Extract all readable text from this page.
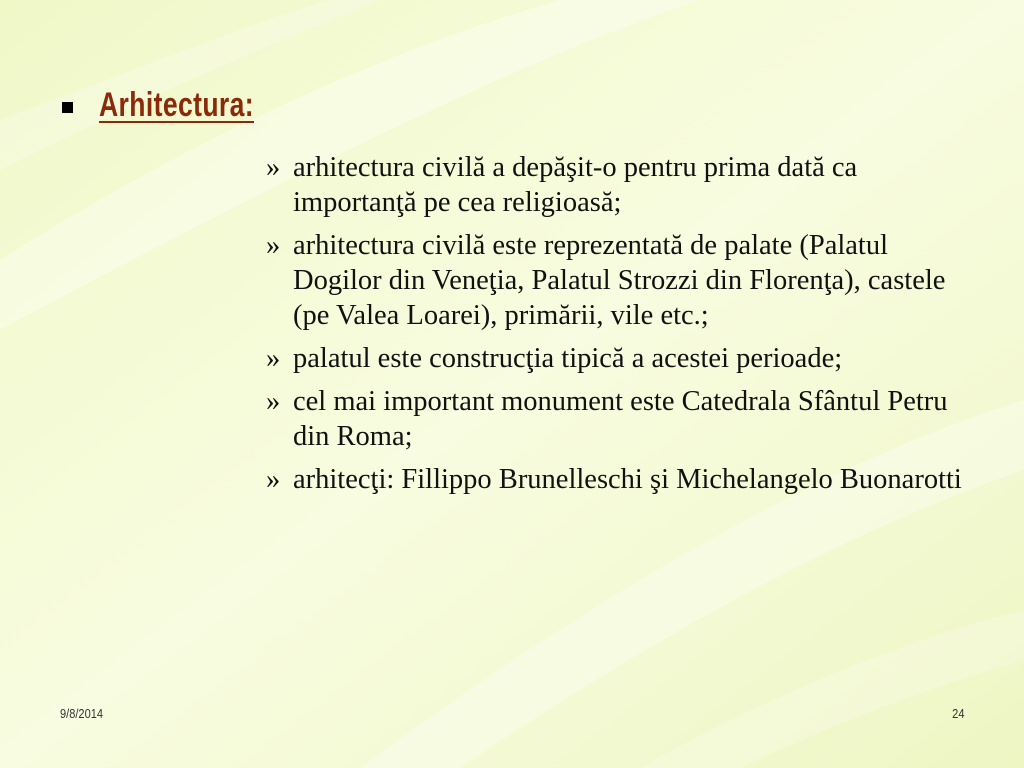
Arhitectura:
» arhitectura civilă a depăşit-o pentru prima dată ca importanţă pe cea religioasă;
» arhitectura civilă este reprezentată de palate (Palatul Dogilor din Veneţia, Palatul Strozzi din Florenţa), castele (pe Valea Loarei), primării, vile etc.;
» palatul este construcţia tipică a acestei perioade;
» cel mai important monument este Catedrala Sfântul Petru din Roma;
» arhitecţi: Fillippo Brunelleschi şi Michelangelo Buonarotti
9/8/2014	24
